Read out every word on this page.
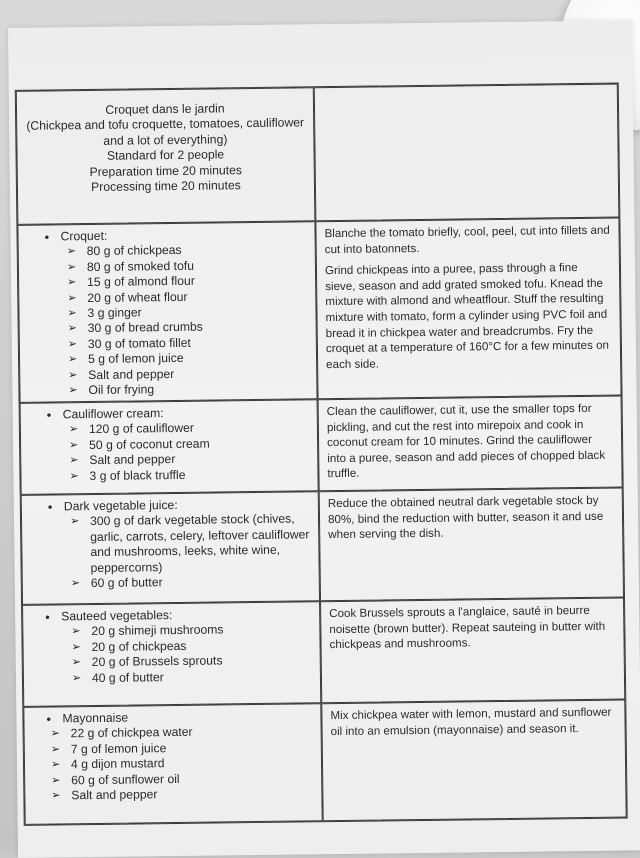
Croquet dans le jardin
(Chickpea and tofu croquette, tomatoes, cauliflower
and a lot of everything)
Standard for 2 people
Preparation time 20 minutes
Processing time 20 minutes
• Croquet:
➢ 80 g of chickpeas
➢ 80 g of smoked tofu
➢ 15 g of almond flour
➢ 20 g of wheat flour
➢ 3 g ginger
➢ 30 g of bread crumbs
➢ 30 g of tomato fillet
➢ 5 g of lemon juice
➢ Salt and pepper
➢ Oil for frying

Blanche the tomato briefly, cool, peel, cut into fillets and cut into batonnets.

Grind chickpeas into a puree, pass through a fine sieve, season and add grated smoked tofu. Knead the mixture with almond and wheatflour. Stuff the resulting mixture with tomato, form a cylinder using PVC foil and bread it in chickpea water and breadcrumbs. Fry the croquet at a temperature of 160°C for a few minutes on each side.

• Cauliflower cream:
➢ 120 g of cauliflower
➢ 50 g of coconut cream
➢ Salt and pepper
➢ 3 g of black truffle

Clean the cauliflower, cut it, use the smaller tops for pickling, and cut the rest into mirepoix and cook in coconut cream for 10 minutes. Grind the cauliflower into a puree, season and add pieces of chopped black truffle.

• Dark vegetable juice:
➢ 300 g of dark vegetable stock (chives, garlic, carrots, celery, leftover cauliflower and mushrooms, leeks, white wine, peppercorns)
➢ 60 g of butter

Reduce the obtained neutral dark vegetable stock by 80%, bind the reduction with butter, season it and use when serving the dish.

• Sauteed vegetables:
➢ 20 g shimeji mushrooms
➢ 20 g of chickpeas
➢ 20 g of Brussels sprouts
➢ 40 g of butter

Cook Brussels sprouts a l'anglaice, sauté in beurre noisette (brown butter). Repeat sauteing in butter with chickpeas and mushrooms.

• Mayonnaise
➢ 22 g of chickpea water
➢ 7 g of lemon juice
➢ 4 g dijon mustard
➢ 60 g of sunflower oil
➢ Salt and pepper

Mix chickpea water with lemon, mustard and sunflower oil into an emulsion (mayonnaise) and season it.
